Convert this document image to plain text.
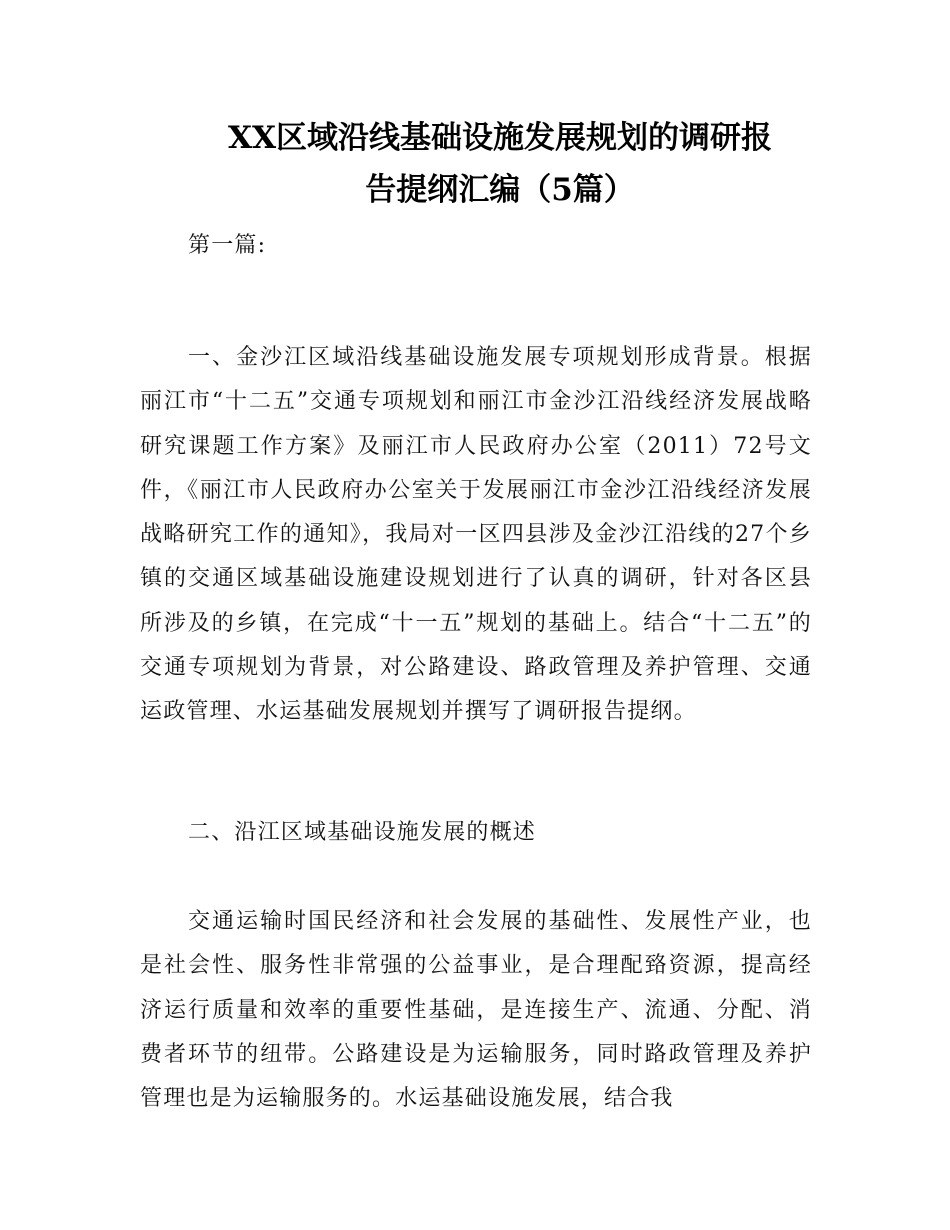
XX区域沿线基础设施发展规划的调研报
告提纲汇编（5篇）

第一篇:

一、金沙江区域沿线基础设施发展专项规划形成背景。根据丽江市“十二五”交通专项规划和丽江市金沙江沿线经济发展战略研究课题工作方案》及丽江市人民政府办公室（2011）72号文件，《丽江市人民政府办公室关于发展丽江市金沙江沿线经济发展战略研究工作的通知》，我局对一区四县涉及金沙江沿线的27个乡镇的交通区域基础设施建设规划进行了认真的调研，针对各区县所涉及的乡镇，在完成“十一五”规划的基础上。结合“十二五”的交通专项规划为背景，对公路建设、路政管理及养护管理、交通运政管理、水运基础发展规划并撰写了调研报告提纲。

二、沿江区域基础设施发展的概述

交通运输时国民经济和社会发展的基础性、发展性产业，也是社会性、服务性非常强的公益事业，是合理配臵资源，提高经济运行质量和效率的重要性基础，是连接生产、流通、分配、消费者环节的纽带。公路建设是为运输服务，同时路政管理及养护管理也是为运输服务的。水运基础设施发展，结合我
